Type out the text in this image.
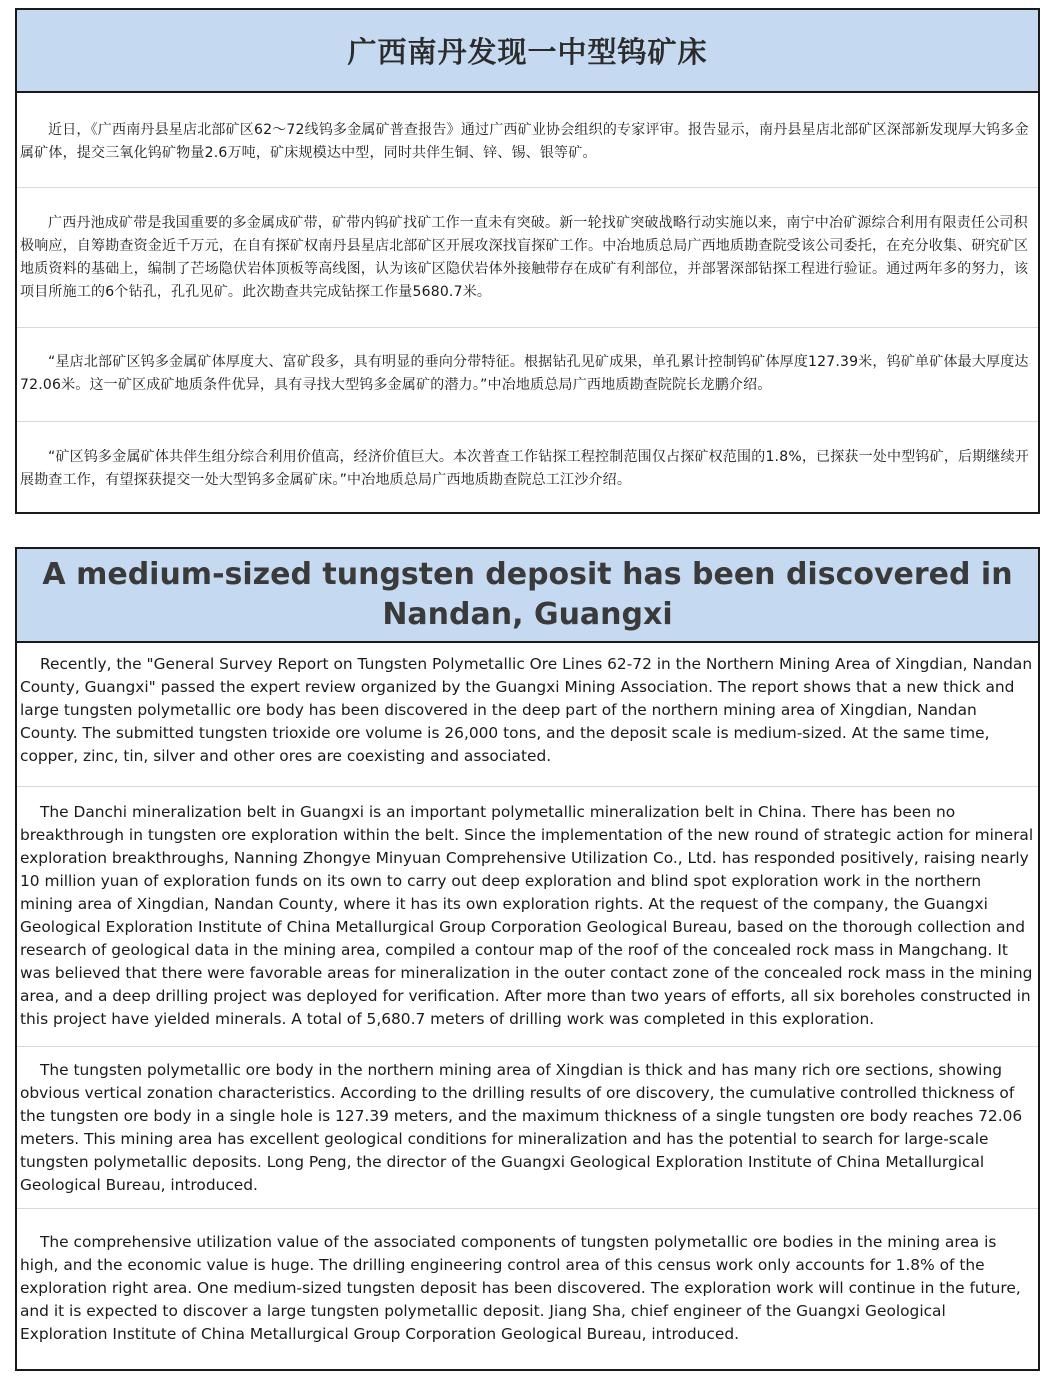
广西南丹发现一中型钨矿床

近日，《广西南丹县星店北部矿区62～72线钨多金属矿普查报告》通过广西矿业协会组织的专家评审。报告显示，南丹县星店北部矿区深部新发现厚大钨多金属矿体，提交三氧化钨矿物量2.6万吨，矿床规模达中型，同时共伴生铜、锌、锡、银等矿。

广西丹池成矿带是我国重要的多金属成矿带，矿带内钨矿找矿工作一直未有突破。新一轮找矿突破战略行动实施以来，南宁中冶矿源综合利用有限责任公司积极响应，自筹勘查资金近千万元，在自有探矿权南丹县星店北部矿区开展攻深找盲探矿工作。中冶地质总局广西地质勘查院受该公司委托，在充分收集、研究矿区地质资料的基础上，编制了芒场隐伏岩体顶板等高线图，认为该矿区隐伏岩体外接触带存在成矿有利部位，并部署深部钻探工程进行验证。通过两年多的努力，该项目所施工的6个钻孔，孔孔见矿。此次勘查共完成钻探工作量5680.7米。

“星店北部矿区钨多金属矿体厚度大、富矿段多，具有明显的垂向分带特征。根据钻孔见矿成果，单孔累计控制钨矿体厚度127.39米，钨矿单矿体最大厚度达72.06米。这一矿区成矿地质条件优异，具有寻找大型钨多金属矿的潜力。”中冶地质总局广西地质勘查院院长龙鹏介绍。

“矿区钨多金属矿体共伴生组分综合利用价值高，经济价值巨大。本次普查工作钻探工程控制范围仅占探矿权范围的1.8%，已探获一处中型钨矿，后期继续开展勘查工作，有望探获提交一处大型钨多金属矿床。”中冶地质总局广西地质勘查院总工江沙介绍。

A medium-sized tungsten deposit has been discovered in Nandan, Guangxi

Recently, the "General Survey Report on Tungsten Polymetallic Ore Lines 62-72 in the Northern Mining Area of Xingdian, Nandan County, Guangxi" passed the expert review organized by the Guangxi Mining Association. The report shows that a new thick and large tungsten polymetallic ore body has been discovered in the deep part of the northern mining area of Xingdian, Nandan County. The submitted tungsten trioxide ore volume is 26,000 tons, and the deposit scale is medium-sized. At the same time, copper, zinc, tin, silver and other ores are coexisting and associated.

The Danchi mineralization belt in Guangxi is an important polymetallic mineralization belt in China. There has been no breakthrough in tungsten ore exploration within the belt. Since the implementation of the new round of strategic action for mineral exploration breakthroughs, Nanning Zhongye Minyuan Comprehensive Utilization Co., Ltd. has responded positively, raising nearly 10 million yuan of exploration funds on its own to carry out deep exploration and blind spot exploration work in the northern mining area of Xingdian, Nandan County, where it has its own exploration rights. At the request of the company, the Guangxi Geological Exploration Institute of China Metallurgical Group Corporation Geological Bureau, based on the thorough collection and research of geological data in the mining area, compiled a contour map of the roof of the concealed rock mass in Mangchang. It was believed that there were favorable areas for mineralization in the outer contact zone of the concealed rock mass in the mining area, and a deep drilling project was deployed for verification. After more than two years of efforts, all six boreholes constructed in this project have yielded minerals. A total of 5,680.7 meters of drilling work was completed in this exploration.

The tungsten polymetallic ore body in the northern mining area of Xingdian is thick and has many rich ore sections, showing obvious vertical zonation characteristics. According to the drilling results of ore discovery, the cumulative controlled thickness of the tungsten ore body in a single hole is 127.39 meters, and the maximum thickness of a single tungsten ore body reaches 72.06 meters. This mining area has excellent geological conditions for mineralization and has the potential to search for large-scale tungsten polymetallic deposits. Long Peng, the director of the Guangxi Geological Exploration Institute of China Metallurgical Geological Bureau, introduced.

The comprehensive utilization value of the associated components of tungsten polymetallic ore bodies in the mining area is high, and the economic value is huge. The drilling engineering control area of this census work only accounts for 1.8% of the exploration right area. One medium-sized tungsten deposit has been discovered. The exploration work will continue in the future, and it is expected to discover a large tungsten polymetallic deposit. Jiang Sha, chief engineer of the Guangxi Geological Exploration Institute of China Metallurgical Group Corporation Geological Bureau, introduced.
